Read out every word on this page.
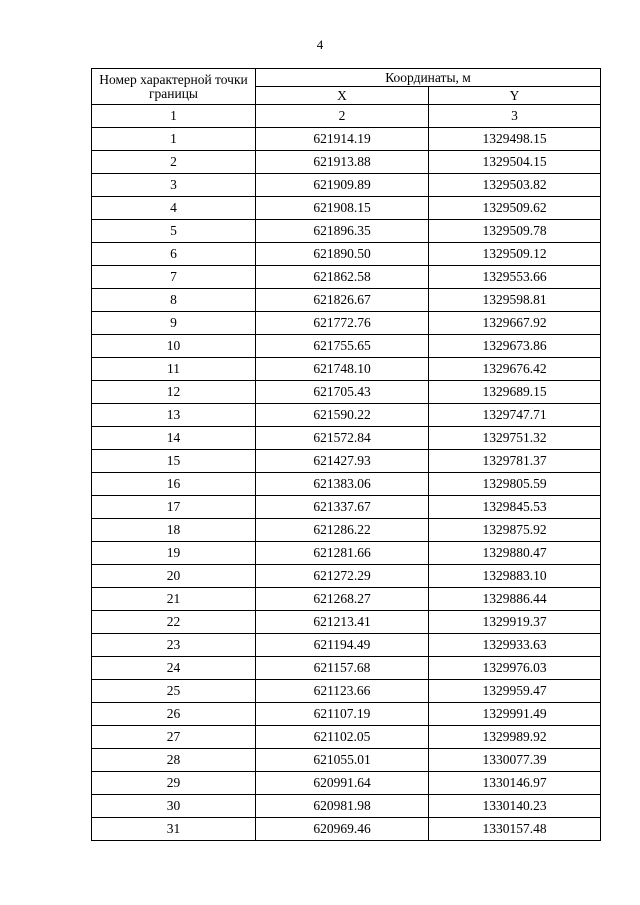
4
Номер характерной точки границы	Координаты, м	
	X	Y
1	2	3
1	621914.19	1329498.15
2	621913.88	1329504.15
3	621909.89	1329503.82
4	621908.15	1329509.62
5	621896.35	1329509.78
6	621890.50	1329509.12
7	621862.58	1329553.66
8	621826.67	1329598.81
9	621772.76	1329667.92
10	621755.65	1329673.86
11	621748.10	1329676.42
12	621705.43	1329689.15
13	621590.22	1329747.71
14	621572.84	1329751.32
15	621427.93	1329781.37
16	621383.06	1329805.59
17	621337.67	1329845.53
18	621286.22	1329875.92
19	621281.66	1329880.47
20	621272.29	1329883.10
21	621268.27	1329886.44
22	621213.41	1329919.37
23	621194.49	1329933.63
24	621157.68	1329976.03
25	621123.66	1329959.47
26	621107.19	1329991.49
27	621102.05	1329989.92
28	621055.01	1330077.39
29	620991.64	1330146.97
30	620981.98	1330140.23
31	620969.46	1330157.48
